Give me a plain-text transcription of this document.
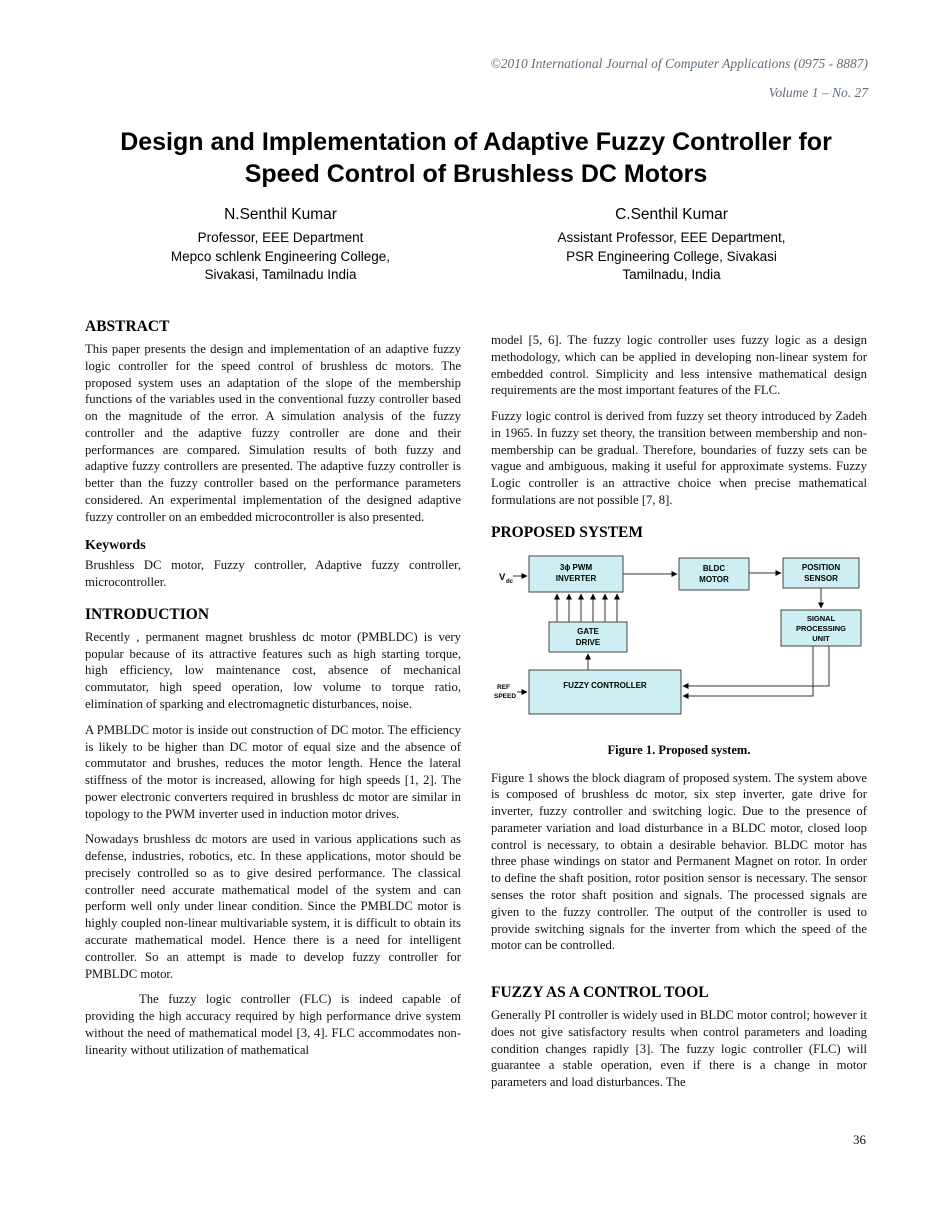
©2010 International Journal of Computer Applications (0975 - 8887)
Volume 1 – No. 27
Design and Implementation of Adaptive Fuzzy Controller for Speed Control of Brushless DC Motors
N.Senthil Kumar
Professor, EEE Department
Mepco schlenk Engineering College,
Sivakasi, Tamilnadu India
C.Senthil Kumar
Assistant Professor, EEE Department,
PSR Engineering College, Sivakasi
Tamilnadu, India
ABSTRACT

This paper presents the design and implementation of an adaptive fuzzy logic controller for the speed control of brushless dc motors. The proposed system uses an adaptation of the slope of the membership functions of the variables used in the conventional fuzzy controller based on the magnitude of the error. A simulation analysis of the fuzzy controller and the adaptive fuzzy controller are done and their performances are compared. Simulation results of both fuzzy and adaptive fuzzy controllers are presented. The adaptive fuzzy controller is better than the fuzzy controller based on the performance parameters considered. An experimental implementation of the designed adaptive fuzzy controller on an embedded microcontroller is also presented.

Keywords

Brushless DC motor, Fuzzy controller, Adaptive fuzzy controller, microcontroller.

INTRODUCTION

Recently , permanent magnet brushless dc motor (PMBLDC) is very popular because of its attractive features such as high starting torque, high efficiency, low maintenance cost, absence of mechanical commutator, high speed operation, low volume to torque ratio, elimination of sparking and electromagnetic disturbances, noise.

A PMBLDC motor is inside out construction of DC motor. The efficiency is likely to be higher than DC motor of equal size and the absence of commutator and brushes, reduces the motor length. Hence the lateral stiffness of the motor is increased, allowing for high speeds [1, 2]. The power electronic converters required in brushless dc motor are similar in topology to the PWM inverter used in induction motor drives.

Nowadays brushless dc motors are used in various applications such as defense, industries, robotics, etc. In these applications, motor should be precisely controlled so as to give desired performance. The classical controller need accurate mathematical model of the system and can perform well only under linear condition. Since the PMBLDC motor is highly coupled non-linear multivariable system, it is difficult to obtain its accurate mathematical model. Hence there is a need for intelligent controller. So an attempt is made to develop fuzzy controller for PMBLDC motor.

The fuzzy logic controller (FLC) is indeed capable of providing the high accuracy required by high performance drive system without the need of mathematical model [3, 4]. FLC accommodates non-linearity without utilization of mathematical

model [5, 6]. The fuzzy logic controller uses fuzzy logic as a design methodology, which can be applied in developing non-linear system for embedded control. Simplicity and less intensive mathematical design requirements are the most important features of the FLC.

Fuzzy logic control is derived from fuzzy set theory introduced by Zadeh in 1965. In fuzzy set theory, the transition between membership and non-membership can be gradual. Therefore, boundaries of fuzzy sets can be vague and ambiguous, making it useful for approximate systems. Fuzzy Logic controller is an attractive choice when precise mathematical formulations are not possible [7, 8].

PROPOSED SYSTEM
3ϕ PWM
INVERTER
BLDC
MOTOR
POSITION
SENSOR
SIGNAL
PROCESSING
UNIT
GATE
DRIVE
FUZZY CONTROLLER
V dc
REF
SPEED
Figure 1. Proposed system.

Figure 1 shows the block diagram of proposed system. The system above is composed of brushless dc motor, six step inverter, gate drive for inverter, fuzzy controller and switching logic. Due to the presence of parameter variation and load disturbance in a BLDC motor, closed loop control is necessary, to obtain a desirable behavior. BLDC motor has three phase windings on stator and Permanent Magnet on rotor. In order to define the shaft position, rotor position sensor is necessary. The sensor senses the rotor shaft position and signals. The processed signals are given to the fuzzy controller. The output of the controller is used to provide switching signals for the inverter from which the speed of the motor can be controlled.

FUZZY AS A CONTROL TOOL

Generally PI controller is widely used in BLDC motor control; however it does not give satisfactory results when control parameters and loading condition changes rapidly [3]. The fuzzy logic controller (FLC) will guarantee a stable operation, even if there is a change in motor parameters and load disturbances. The

36
